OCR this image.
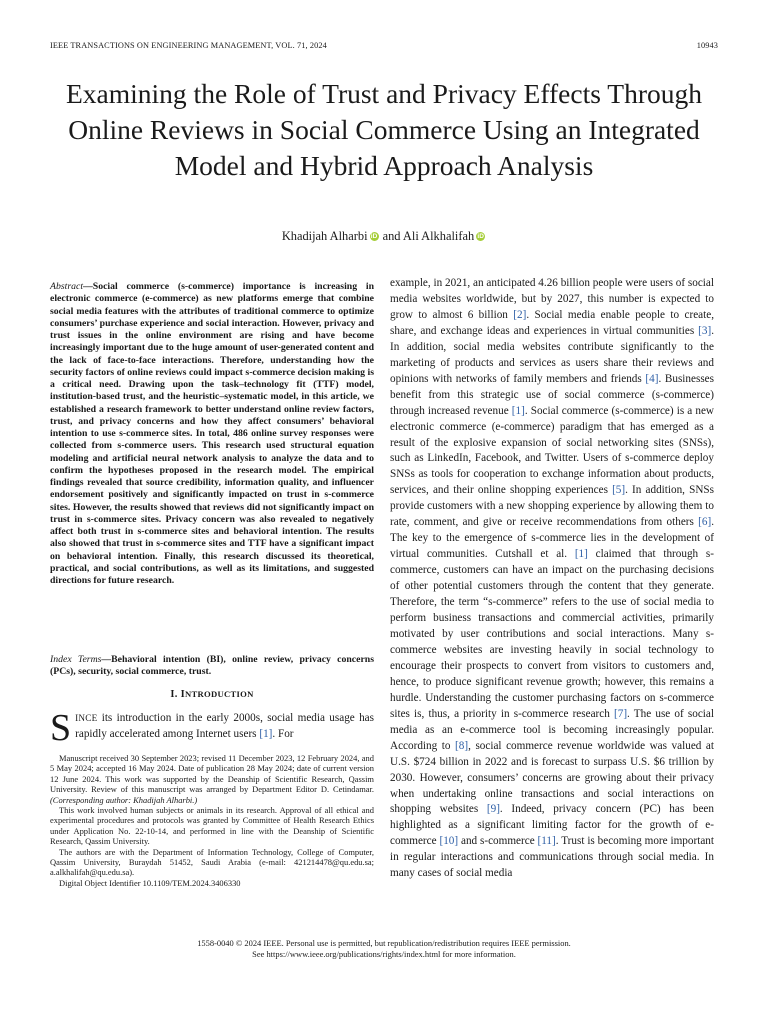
IEEE TRANSACTIONS ON ENGINEERING MANAGEMENT, VOL. 71, 2024	10943
Examining the Role of Trust and Privacy Effects Through Online Reviews in Social Commerce Using an Integrated Model and Hybrid Approach Analysis
Khadijah Alharbi iD and Ali Alkhalifah iD

Abstract—Social commerce (s-commerce) importance is increasing in electronic commerce (e-commerce) as new platforms emerge that combine social media features with the attributes of traditional commerce to optimize consumers’ purchase experience and social interaction. However, privacy and trust issues in the online environment are rising and have become increasingly important due to the huge amount of user-generated content and the lack of face-to-face interactions. Therefore, understanding how the security factors of online reviews could impact s-commerce decision making is a critical need. Drawing upon the task–technology fit (TTF) model, institution-based trust, and the heuristic–systematic model, in this article, we established a research framework to better understand online review factors, trust, and privacy concerns and how they affect consumers’ behavioral intention to use s-commerce sites. In total, 486 online survey responses were collected from s-commerce users. This research used structural equation modeling and artificial neural network analysis to analyze the data and to confirm the hypotheses proposed in the research model. The empirical findings revealed that source credibility, information quality, and influencer endorsement positively and significantly impacted on trust in s-commerce sites. However, the results showed that reviews did not significantly impact on trust in s-commerce sites. Privacy concern was also revealed to negatively affect both trust in s-commerce sites and behavioral intention. The results also showed that trust in s-commerce sites and TTF have a significant impact on behavioral intention. Finally, this research discussed its theoretical, practical, and social contributions, as well as its limitations, and suggested directions for future research.

Index Terms—Behavioral intention (BI), online review, privacy concerns (PCs), security, social commerce, trust.

I. INTRODUCTION

SINCE its introduction in the early 2000s, social media usage has rapidly accelerated among Internet users [1]. For

Manuscript received 30 September 2023; revised 11 December 2023, 12 February 2024, and 5 May 2024; accepted 16 May 2024. Date of publication 28 May 2024; date of current version 12 June 2024. This work was supported by the Deanship of Scientific Research, Qassim University. Review of this manuscript was arranged by Department Editor D. Cetindamar. (Corresponding author: Khadijah Alharbi.)

This work involved human subjects or animals in its research. Approval of all ethical and experimental procedures and protocols was granted by Committee of Health Research Ethics under Application No. 22-10-14, and performed in line with the Deanship of Scientific Research, Qassim University.

The authors are with the Department of Information Technology, College of Computer, Qassim University, Buraydah 51452, Saudi Arabia (e-mail: 421214478@qu.edu.sa; a.alkhalifah@qu.edu.sa).

Digital Object Identifier 10.1109/TEM.2024.3406330

example, in 2021, an anticipated 4.26 billion people were users of social media websites worldwide, but by 2027, this number is expected to grow to almost 6 billion [2]. Social media enable people to create, share, and exchange ideas and experiences in virtual communities [3]. In addition, social media websites contribute significantly to the marketing of products and services as users share their reviews and opinions with networks of family members and friends [4]. Businesses benefit from this strategic use of social commerce (s-commerce) through increased revenue [1]. Social commerce (s-commerce) is a new electronic commerce (e-commerce) paradigm that has emerged as a result of the explosive expansion of social networking sites (SNSs), such as LinkedIn, Facebook, and Twitter. Users of s-commerce deploy SNSs as tools for cooperation to exchange information about products, services, and their online shopping experiences [5]. In addition, SNSs provide customers with a new shopping experience by allowing them to rate, comment, and give or receive recommendations from others [6]. The key to the emergence of s-commerce lies in the development of virtual communities. Cutshall et al. [1] claimed that through s-commerce, customers can have an impact on the purchasing decisions of other potential customers through the content that they generate. Therefore, the term “s-commerce” refers to the use of social media to perform business transactions and commercial activities, primarily motivated by user contributions and social interactions. Many s-commerce websites are investing heavily in social technology to encourage their prospects to convert from visitors to customers and, hence, to produce significant revenue growth; however, this remains a hurdle. Understanding the customer purchasing factors on s-commerce sites is, thus, a priority in s-commerce research [7]. The use of social media as an e-commerce tool is becoming increasingly popular. According to [8], social commerce revenue worldwide was valued at U.S. $724 billion in 2022 and is forecast to surpass U.S. $6 trillion by 2030. However, consumers’ concerns are growing about their privacy when undertaking online transactions and social interactions on shopping websites [9]. Indeed, privacy concern (PC) has been highlighted as a significant limiting factor for the growth of e-commerce [10] and s-commerce [11]. Trust is becoming more important in regular interactions and communications through social media. In many cases of social media

1558-0040 © 2024 IEEE. Personal use is permitted, but republication/redistribution requires IEEE permission.
See https://www.ieee.org/publications/rights/index.html for more information.
